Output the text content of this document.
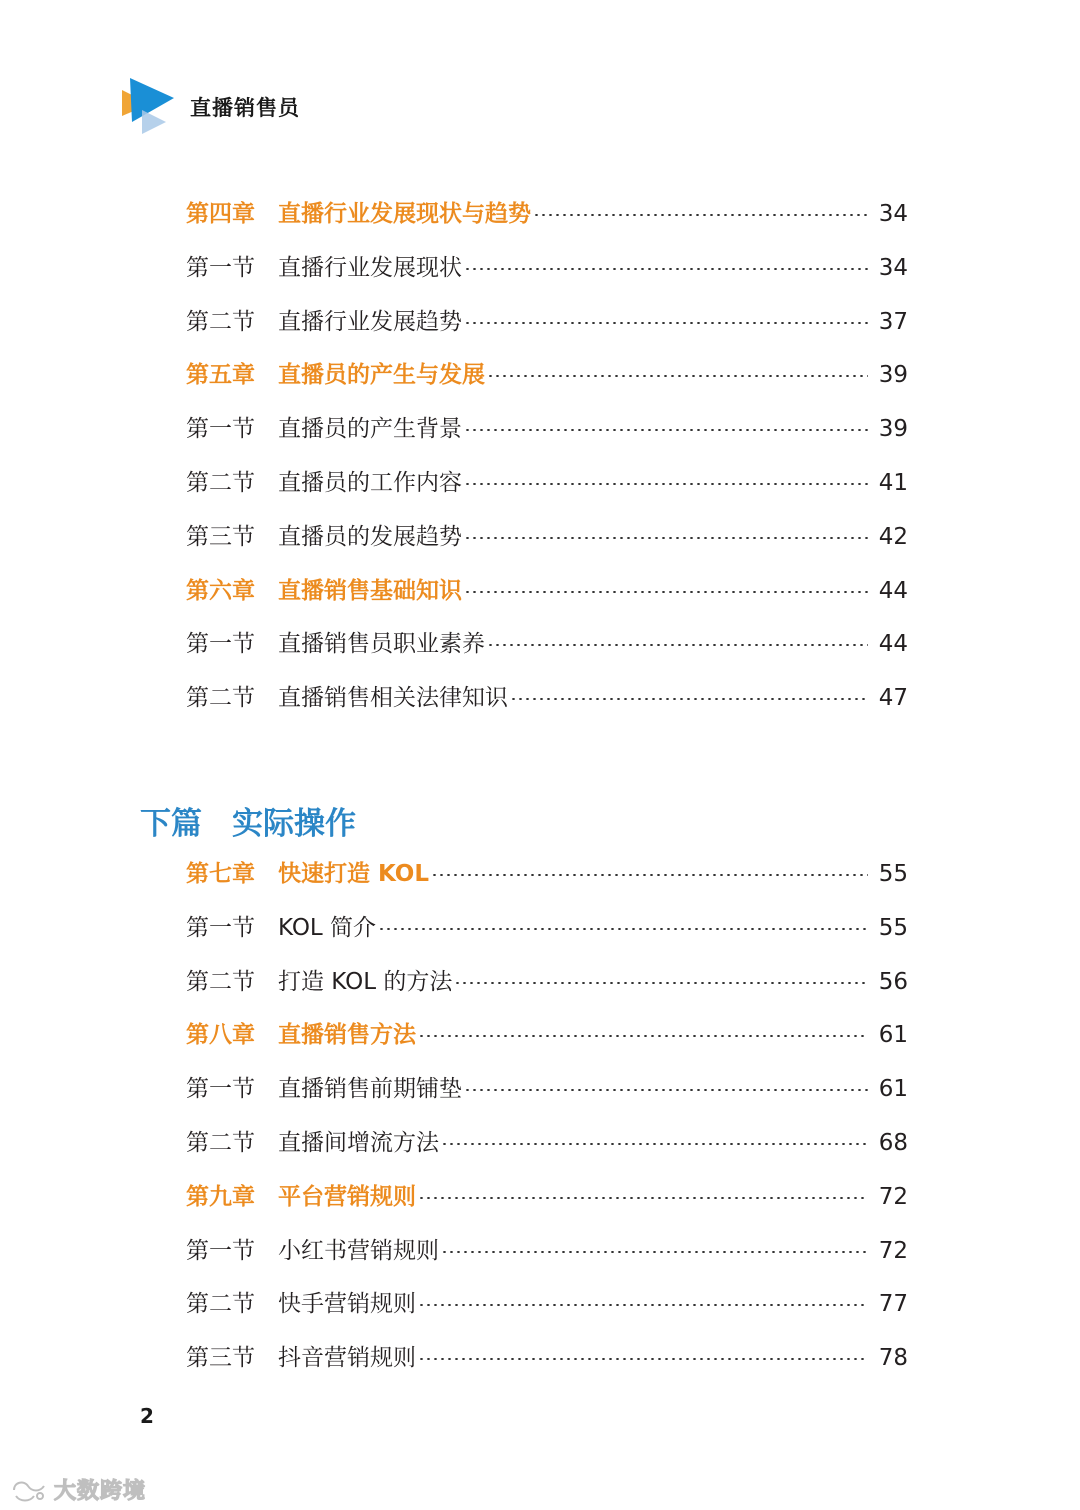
直播销售员
第四章	直播行业发展现状与趋势	34
第一节	直播行业发展现状	34
第二节	直播行业发展趋势	37
第五章	直播员的产生与发展	39
第一节	直播员的产生背景	39
第二节	直播员的工作内容	41
第三节	直播员的发展趋势	42
第六章	直播销售基础知识	44
第一节	直播销售员职业素养	44
第二节	直播销售相关法律知识	47
下篇 实际操作
第七章	快速打造 KOL	55
第一节	KOL 简介	55
第二节	打造 KOL 的方法	56
第八章	直播销售方法	61
第一节	直播销售前期铺垫	61
第二节	直播间增流方法	68
第九章	平台营销规则	72
第一节	小红书营销规则	72
第二节	快手营销规则	77
第三节	抖音营销规则	78
2
大数跨境
